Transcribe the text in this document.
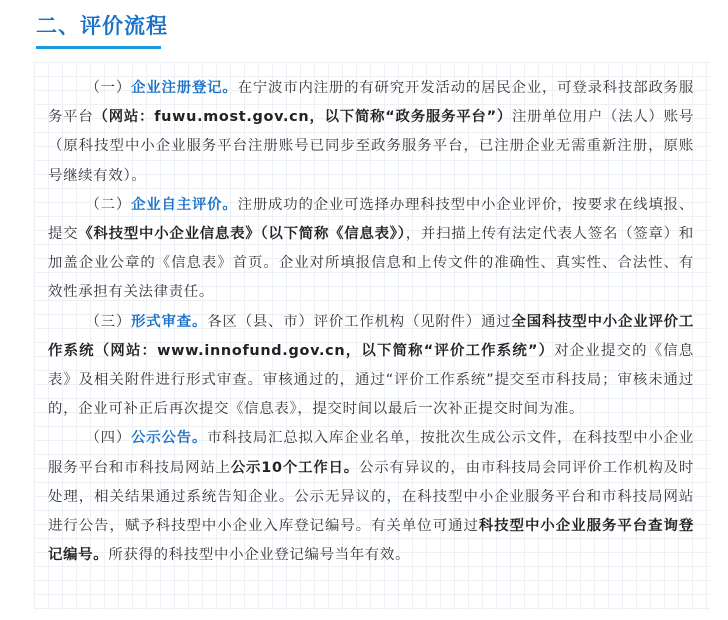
二、评价流程

（一）企业注册登记。在宁波市内注册的有研究开发活动的居民企业，可登录科技部政务服务平台（网站：fuwu.most.gov.cn，以下简称“政务服务平台”）注册单位用户（法人）账号（原科技型中小企业服务平台注册账号已同步至政务服务平台，已注册企业无需重新注册，原账号继续有效）。

（二）企业自主评价。注册成功的企业可选择办理科技型中小企业评价，按要求在线填报、提交《科技型中小企业信息表》（以下简称《信息表》），并扫描上传有法定代表人签名（签章）和加盖企业公章的《信息表》首页。企业对所填报信息和上传文件的准确性、真实性、合法性、有效性承担有关法律责任。

（三）形式审查。各区（县、市）评价工作机构（见附件）通过全国科技型中小企业评价工作系统（网站：www.innofund.gov.cn，以下简称“评价工作系统”）对企业提交的《信息表》及相关附件进行形式审查。审核通过的，通过“评价工作系统”提交至市科技局；审核未通过的，企业可补正后再次提交《信息表》，提交时间以最后一次补正提交时间为准。

（四）公示公告。市科技局汇总拟入库企业名单，按批次生成公示文件，在科技型中小企业服务平台和市科技局网站上公示10个工作日。公示有异议的，由市科技局会同评价工作机构及时处理，相关结果通过系统告知企业。公示无异议的，在科技型中小企业服务平台和市科技局网站进行公告，赋予科技型中小企业入库登记编号。有关单位可通过科技型中小企业服务平台查询登记编号。所获得的科技型中小企业登记编号当年有效。
